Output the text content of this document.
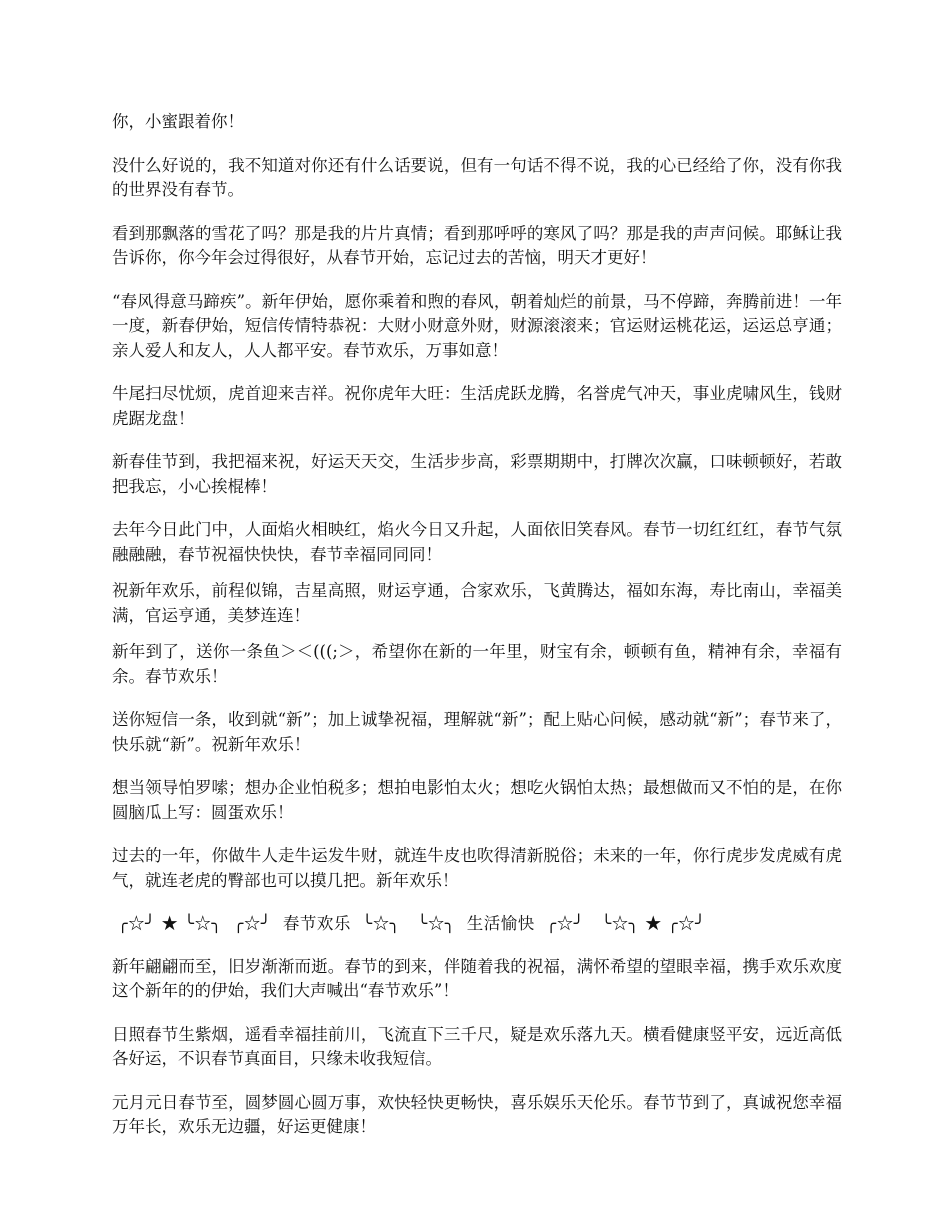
你，小蜜跟着你！

没什么好说的，我不知道对你还有什么话要说，但有一句话不得不说，我的心已经给了你，没有你我的世界没有春节。

看到那飘落的雪花了吗？那是我的片片真情；看到那呼呼的寒风了吗？那是我的声声问候。耶稣让我告诉你，你今年会过得很好，从春节开始，忘记过去的苦恼，明天才更好！

“春风得意马蹄疾”。新年伊始，愿你乘着和煦的春风，朝着灿烂的前景，马不停蹄，奔腾前进！一年一度，新春伊始，短信传情特恭祝：大财小财意外财，财源滚滚来；官运财运桃花运，运运总亨通；亲人爱人和友人，人人都平安。春节欢乐，万事如意！

牛尾扫尽忧烦，虎首迎来吉祥。祝你虎年大旺：生活虎跃龙腾，名誉虎气冲天，事业虎啸风生，钱财虎踞龙盘！

新春佳节到，我把福来祝，好运天天交，生活步步高，彩票期期中，打牌次次赢，口味顿顿好，若敢把我忘，小心挨棍棒！

去年今日此门中，人面焰火相映红，焰火今日又升起，人面依旧笑春风。春节一切红红红，春节气氛融融融，春节祝福快快快，春节幸福同同同！

祝新年欢乐，前程似锦，吉星高照，财运亨通，合家欢乐，飞黄腾达，福如东海，寿比南山，幸福美满，官运亨通，美梦连连！

新年到了，送你一条鱼＞＜(((;＞，希望你在新的一年里，财宝有余，顿顿有鱼，精神有余，幸福有余。春节欢乐！

送你短信一条，收到就“新”；加上诚挚祝福，理解就“新”；配上贴心问候，感动就“新”；春节来了，快乐就“新”。祝新年欢乐！

想当领导怕罗嗦；想办企业怕税多；想拍电影怕太火；想吃火锅怕太热；最想做而又不怕的是，在你圆脑瓜上写：圆蛋欢乐！

过去的一年，你做牛人走牛运发牛财，就连牛皮也吹得清新脱俗；未来的一年，你行虎步发虎威有虎气，就连老虎的臀部也可以摸几把。新年欢乐！

╭☆╯ ★ ╰☆╮  ╭☆╯  春节欢乐  ╰☆╮   ╰☆╮  生活愉快  ╭☆╯   ╰☆╮ ★ ╭☆╯

新年翩翩而至，旧岁渐渐而逝。春节的到来，伴随着我的祝福，满怀希望的望眼幸福，携手欢乐欢度这个新年的的伊始，我们大声喊出“春节欢乐”！

日照春节生紫烟，遥看幸福挂前川，飞流直下三千尺，疑是欢乐落九天。横看健康竖平安，远近高低各好运，不识春节真面目，只缘未收我短信。

元月元日春节至，圆梦圆心圆万事，欢快轻快更畅快，喜乐娱乐天伦乐。春节节到了，真诚祝您幸福万年长，欢乐无边疆，好运更健康！
